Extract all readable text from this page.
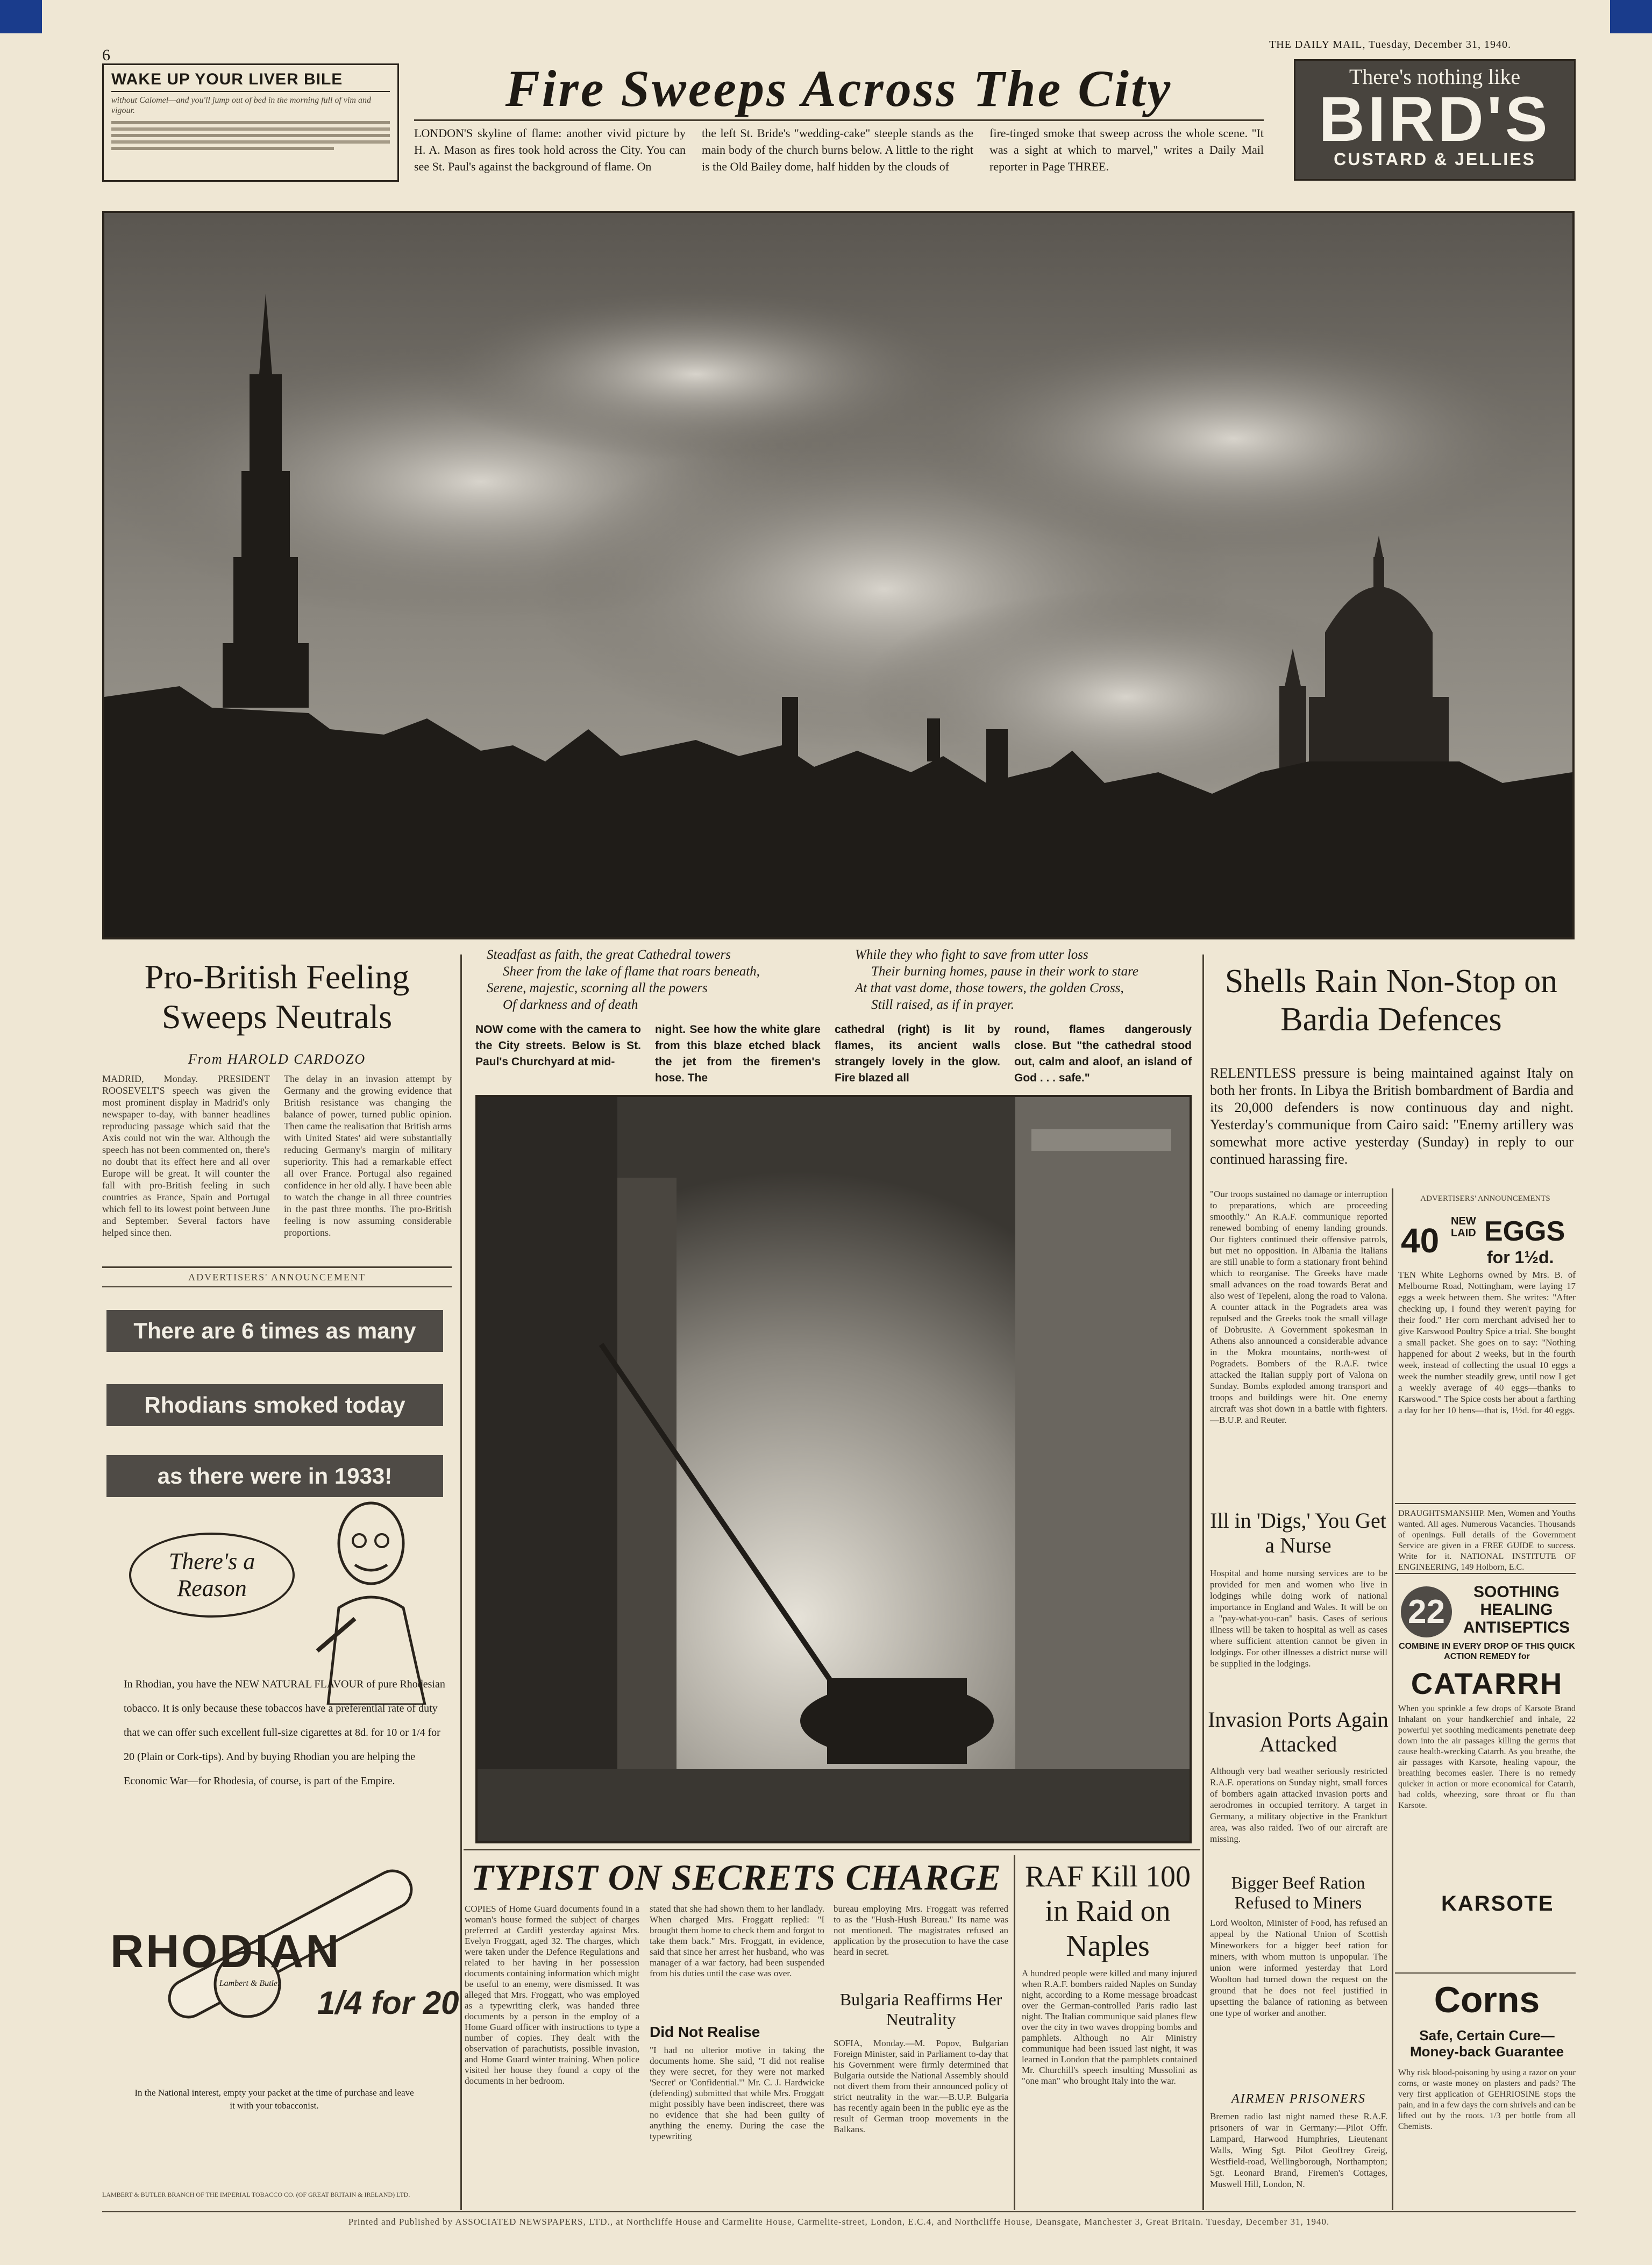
6
THE DAILY MAIL, Tuesday, December 31, 1940.
WAKE UP YOUR LIVER BILE
without Calomel—and you'll jump out of bed in the morning full of vim and vigour.	Fire Sweeps Across The City
LONDON'S skyline of flame: another vivid picture by H. A. Mason as fires took hold across the City. You can see St. Paul's against the background of flame. On
the left St. Bride's "wedding-cake" steeple stands as the main body of the church burns below. A little to the right is the Old Bailey dome, half hidden by the clouds of
fire-tinged smoke that sweep across the whole scene. "It was a sight at which to marvel," writes a Daily Mail reporter in Page THREE.
There's nothing like
BIRD'S
CUSTARD & JELLIES
Pro-British Feeling Sweeps Neutrals
From HAROLD CARDOZO
MADRID, Monday. PRESIDENT ROOSEVELT'S speech was given the most prominent display in Madrid's only newspaper to-day, with banner headlines reproducing passage which said that the Axis could not win the war. Although the speech has not been commented on, there's no doubt that its effect here and all over Europe will be great. It will counter the fall with pro-British feeling in such countries as France, Spain and Portugal which fell to its lowest point between June and September. Several factors have helped since then.
The delay in an invasion attempt by Germany and the growing evidence that British resistance was changing the balance of power, turned public opinion. Then came the realisation that British arms with United States' aid were substantially reducing Germany's margin of military superiority. This had a remarkable effect all over France. Portugal also regained confidence in her old ally. I have been able to watch the change in all three countries in the past three months. The pro-British feeling is now assuming considerable proportions.
ADVERTISERS' ANNOUNCEMENT
There are 6 times as many
Rhodians smoked today
as there were in 1933!
There's a Reason
In Rhodian, you have the NEW NATURAL FLAVOUR of pure Rhodesian tobacco. It is only because these tobaccos have a preferential rate of duty that we can offer such excellent full-size cigarettes at 8d. for 10 or 1/4 for 20 (Plain or Cork-tips). And by buying Rhodian you are helping the Economic War—for Rhodesia, of course, is part of the Empire.
RHODIAN
Lambert & Butler
1/4 for 20
In the National interest, empty your packet at the time of purchase and leave it with your tobacconist.
LAMBERT & BUTLER BRANCH OF THE IMPERIAL TOBACCO CO. (OF GREAT BRITAIN & IRELAND) LTD.
Steadfast as faith, the great Cathedral towers
Sheer from the lake of flame that roars beneath,
Serene, majestic, scorning all the powers
Of darkness and of death
While they who fight to save from utter loss
Their burning homes, pause in their work to stare
At that vast dome, those towers, the golden Cross,
Still raised, as if in prayer.
NOW come with the camera to the City streets. Below is St. Paul's Churchyard at mid-
night. See how the white glare from this blaze etched black the jet from the firemen's hose. The
cathedral (right) is lit by flames, its ancient walls strangely lovely in the glow. Fire blazed all
round, flames dangerously close. But "the cathedral stood out, calm and aloof, an island of God . . . safe."
TYPIST ON SECRETS CHARGE
COPIES of Home Guard documents found in a woman's house formed the subject of charges preferred at Cardiff yesterday against Mrs. Evelyn Froggatt, aged 32. The charges, which were taken under the Defence Regulations and related to her having in her possession documents containing information which might be useful to an enemy, were dismissed. It was alleged that Mrs. Froggatt, who was employed as a typewriting clerk, was handed three documents by a person in the employ of a Home Guard officer with instructions to type a number of copies. They dealt with the observation of parachutists, possible invasion, and Home Guard winter training. When police visited her house they found a copy of the documents in her bedroom.
stated that she had shown them to her landlady. When charged Mrs. Froggatt replied: "I brought them home to check them and forgot to take them back." Mrs. Froggatt, in evidence, said that since her arrest her husband, who was manager of a war factory, had been suspended from his duties until the case was over.
Did Not Realise
"I had no ulterior motive in taking the documents home. She said, "I did not realise they were secret, for they were not marked 'Secret' or 'Confidential.'" Mr. C. J. Hardwicke (defending) submitted that while Mrs. Froggatt might possibly have been indiscreet, there was no evidence that she had been guilty of anything the enemy. During the case the typewriting
bureau employing Mrs. Froggatt was referred to as the "Hush-Hush Bureau." Its name was not mentioned. The magistrates refused an application by the prosecution to have the case heard in secret.
Bulgaria Reaffirms Her Neutrality
SOFIA, Monday.—M. Popov, Bulgarian Foreign Minister, said in Parliament to-day that his Government were firmly determined that Bulgaria outside the National Assembly should not divert them from their announced policy of strict neutrality in the war.—B.U.P. Bulgaria has recently again been in the public eye as the result of German troop movements in the Balkans.
RAF Kill 100 in Raid on Naples
A hundred people were killed and many injured when R.A.F. bombers raided Naples on Sunday night, according to a Rome message broadcast over the German-controlled Paris radio last night. The Italian communique said planes flew over the city in two waves dropping bombs and pamphlets. Although no Air Ministry communique had been issued last night, it was learned in London that the pamphlets contained Mr. Churchill's speech insulting Mussolini as "one man" who brought Italy into the war.
Shells Rain Non-Stop on Bardia Defences
RELENTLESS pressure is being maintained against Italy on both her fronts. In Libya the British bombardment of Bardia and its 20,000 defenders is now continuous day and night. Yesterday's communique from Cairo said: "Enemy artillery was somewhat more active yesterday (Sunday) in reply to our continued harassing fire.
"Our troops sustained no damage or interruption to preparations, which are proceeding smoothly." An R.A.F. communique reported renewed bombing of enemy landing grounds. Our fighters continued their offensive patrols, but met no opposition. In Albania the Italians are still unable to form a stationary front behind which to reorganise. The Greeks have made small advances on the road towards Berat and also west of Tepeleni, along the road to Valona. A counter attack in the Pogradets area was repulsed and the Greeks took the small village of Dobrusite. A Government spokesman in Athens also announced a considerable advance in the Mokra mountains, north-west of Pogradets. Bombers of the R.A.F. twice attacked the Italian supply port of Valona on Sunday. Bombs exploded among transport and troops and buildings were hit. One enemy aircraft was shot down in a battle with fighters.—B.U.P. and Reuter.
Ill in 'Digs,' You Get a Nurse
Hospital and home nursing services are to be provided for men and women who live in lodgings while doing work of national importance in England and Wales. It will be on a "pay-what-you-can" basis. Cases of serious illness will be taken to hospital as well as cases where sufficient attention cannot be given in lodgings. For other illnesses a district nurse will be supplied in the lodgings.
Invasion Ports Again Attacked
Although very bad weather seriously restricted R.A.F. operations on Sunday night, small forces of bombers again attacked invasion ports and aerodromes in occupied territory. A target in Germany, a military objective in the Frankfurt area, was also raided. Two of our aircraft are missing.
Bigger Beef Ration Refused to Miners
Lord Woolton, Minister of Food, has refused an appeal by the National Union of Scottish Mineworkers for a bigger beef ration for miners, with whom mutton is unpopular. The union were informed yesterday that Lord Woolton had turned down the request on the ground that he does not feel justified in upsetting the balance of rationing as between one type of worker and another.
AIRMEN PRISONERS
Bremen radio last night named these R.A.F. prisoners of war in Germany:—Pilot Offr. Lampard, Harwood Humphries, Lieutenant Walls, Wing Sgt. Pilot Geoffrey Greig, Westfield-road, Wellingborough, Northampton; Sgt. Leonard Brand, Firemen's Cottages, Muswell Hill, London, N.
ADVERTISERS' ANNOUNCEMENTS
40 NEW
LAID EGGS
for 1½d.
TEN White Leghorns owned by Mrs. B. of Melbourne Road, Nottingham, were laying 17 eggs a week between them. She writes: "After checking up, I found they weren't paying for their food." Her corn merchant advised her to give Karswood Poultry Spice a trial. She bought a small packet. She goes on to say: "Nothing happened for about 2 weeks, but in the fourth week, instead of collecting the usual 10 eggs a week the number steadily grew, until now I get a weekly average of 40 eggs—thanks to Karswood." The Spice costs her about a farthing a day for her 10 hens—that is, 1½d. for 40 eggs.
DRAUGHTSMANSHIP. Men, Women and Youths wanted. All ages. Numerous Vacancies. Thousands of openings. Full details of the Government Service are given in a FREE GUIDE to success. Write for it. NATIONAL INSTITUTE OF ENGINEERING, 149 Holborn, E.C.
22
SOOTHING
HEALING
ANTISEPTICS
COMBINE IN EVERY DROP OF THIS QUICK ACTION REMEDY for
CATARRH
When you sprinkle a few drops of Karsote Brand Inhalant on your handkerchief and inhale, 22 powerful yet soothing medicaments penetrate deep down into the air passages killing the germs that cause health-wrecking Catarrh. As you breathe, the air passages with Karsote, healing vapour, the breathing becomes easier. There is no remedy quicker in action or more economical for Catarrh, bad colds, wheezing, sore throat or flu than Karsote.
KARSOTE
Corns
Safe, Certain Cure—
Money-back Guarantee
Why risk blood-poisoning by using a razor on your corns, or waste money on plasters and pads? The very first application of GEHRIOSINE stops the pain, and in a few days the corn shrivels and can be lifted out by the roots. 1/3 per bottle from all Chemists.
Printed and Published by ASSOCIATED NEWSPAPERS, LTD., at Northcliffe House and Carmelite House, Carmelite-street, London, E.C.4, and Northcliffe House, Deansgate, Manchester 3, Great Britain. Tuesday, December 31, 1940.
